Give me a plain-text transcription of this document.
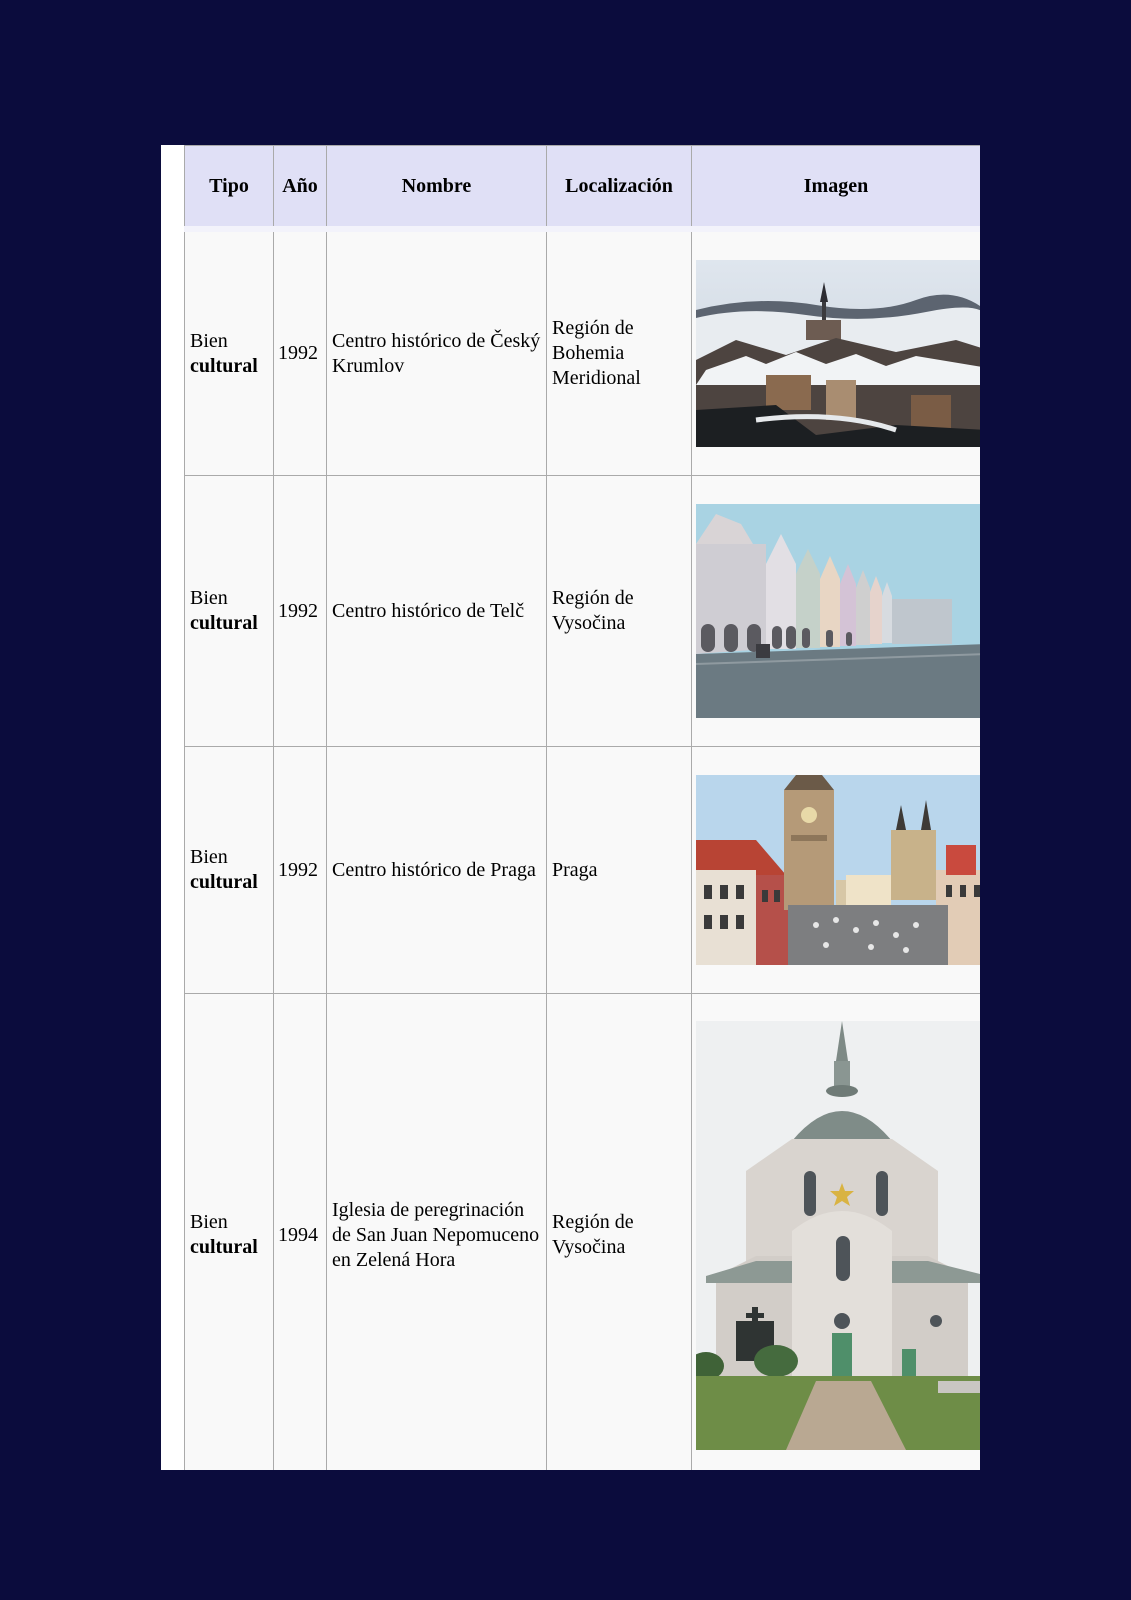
Tipo	Año	Nombre	Localización	Imagen
Bien
cultural	1992	Centro histórico de Český Krumlov	Región de Bohemia Meridional	

Bien
cultural	1992	Centro histórico de Telč	Región de Vysočina	

Bien
cultural	1992	Centro histórico de Praga	Praga	

Bien
cultural	1994	Iglesia de peregrinación de San Juan Nepomuceno en Zelená Hora	Región de Vysočina	
